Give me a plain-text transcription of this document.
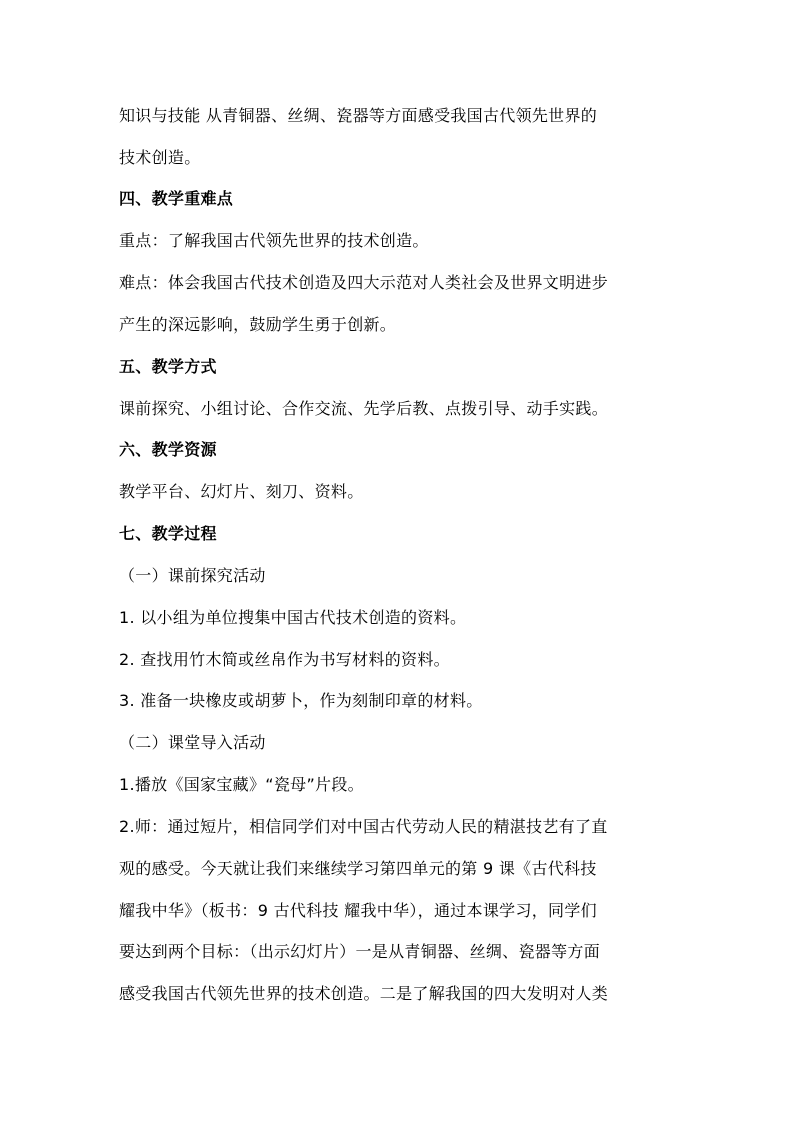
知识与技能 从青铜器、丝绸、瓷器等方面感受我国古代领先世界的
技术创造。
四、教学重难点
重点：了解我国古代领先世界的技术创造。
难点：体会我国古代技术创造及四大示范对人类社会及世界文明进步
产生的深远影响，鼓励学生勇于创新。
五、教学方式
课前探究、小组讨论、合作交流、先学后教、点拨引导、动手实践。
六、教学资源
教学平台、幻灯片、刻刀、资料。
七、教学过程
（一）课前探究活动
1. 以小组为单位搜集中国古代技术创造的资料。
2. 查找用竹木简或丝帛作为书写材料的资料。
3. 准备一块橡皮或胡萝卜，作为刻制印章的材料。
（二）课堂导入活动
1.播放《国家宝藏》“瓷母”片段。
2.师：通过短片，相信同学们对中国古代劳动人民的精湛技艺有了直
观的感受。今天就让我们来继续学习第四单元的第 9 课《古代科技
耀我中华》（板书：9 古代科技 耀我中华），通过本课学习，同学们
要达到两个目标：（出示幻灯片）一是从青铜器、丝绸、瓷器等方面
感受我国古代领先世界的技术创造。二是了解我国的四大发明对人类
